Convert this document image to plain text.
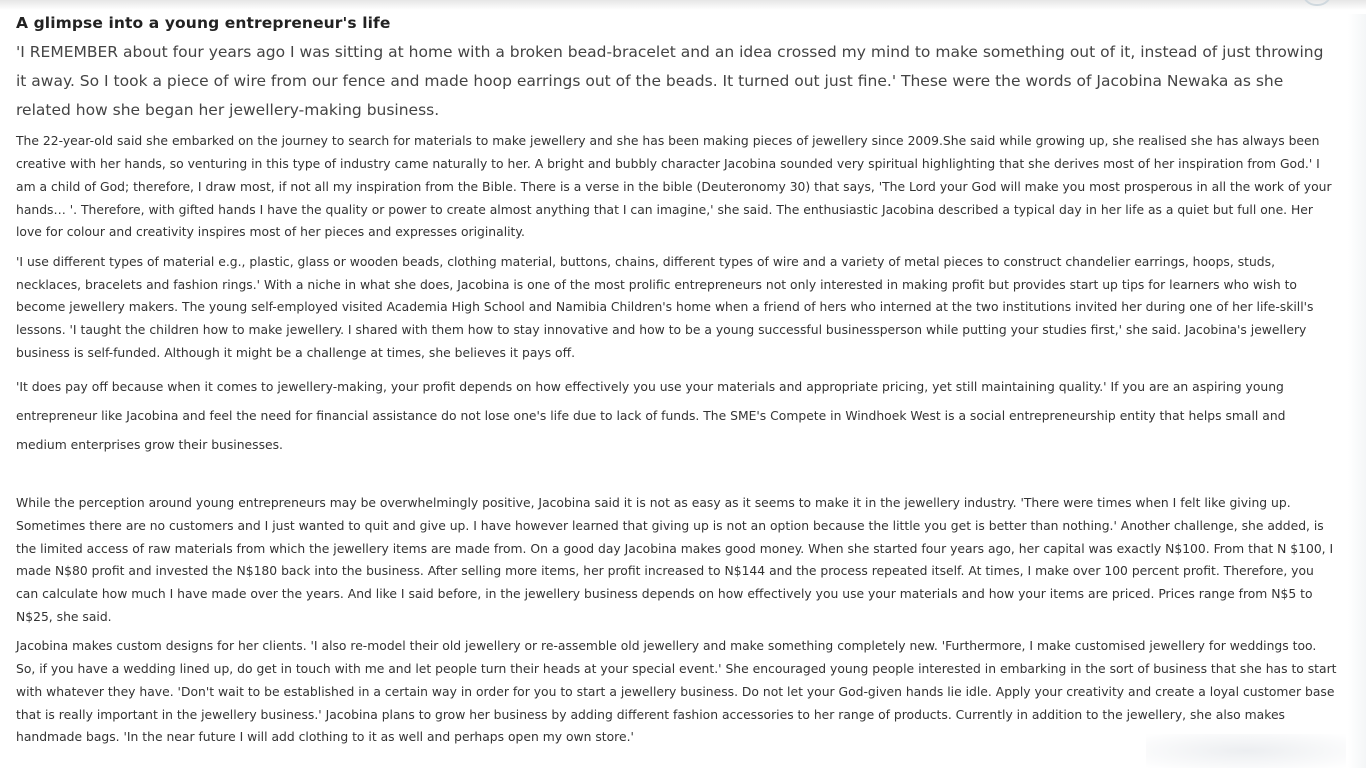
A glimpse into a young entrepreneur's life

'I REMEMBER about four years ago I was sitting at home with a broken bead-bracelet and an idea crossed my mind to make something out of it, instead of just throwing it away. So I took a piece of wire from our fence and made hoop earrings out of the beads. It turned out just fine.' These were the words of Jacobina Newaka as she related how she began her jewellery-making business.

The 22-year-old said she embarked on the journey to search for materials to make jewellery and she has been making pieces of jewellery since 2009.She said while growing up, she realised she has always been creative with her hands, so venturing in this type of industry came naturally to her. A bright and bubbly character Jacobina sounded very spiritual highlighting that she derives most of her inspiration from God.' I am a child of God; therefore, I draw most, if not all my inspiration from the Bible. There is a verse in the bible (Deuteronomy 30) that says, 'The Lord your God will make you most prosperous in all the work of your hands… '. Therefore, with gifted hands I have the quality or power to create almost anything that I can imagine,' she said. The enthusiastic Jacobina described a typical day in her life as a quiet but full one. Her love for colour and creativity inspires most of her pieces and expresses originality.

'I use different types of material e.g., plastic, glass or wooden beads, clothing material, buttons, chains, different types of wire and a variety of metal pieces to construct chandelier earrings, hoops, studs, necklaces, bracelets and fashion rings.' With a niche in what she does, Jacobina is one of the most prolific entrepreneurs not only interested in making profit but provides start up tips for learners who wish to become jewellery makers. The young self-employed visited Academia High School and Namibia Children's home when a friend of hers who interned at the two institutions invited her during one of her life-skill's lessons. 'I taught the children how to make jewellery. I shared with them how to stay innovative and how to be a young successful businessperson while putting your studies first,' she said. Jacobina's jewellery business is self-funded. Although it might be a challenge at times, she believes it pays off.

'It does pay off because when it comes to jewellery-making, your profit depends on how effectively you use your materials and appropriate pricing, yet still maintaining quality.' If you are an aspiring young entrepreneur like Jacobina and feel the need for financial assistance do not lose one's life due to lack of funds. The SME's Compete in Windhoek West is a social entrepreneurship entity that helps small and medium enterprises grow their businesses.

While the perception around young entrepreneurs may be overwhelmingly positive, Jacobina said it is not as easy as it seems to make it in the jewellery industry. 'There were times when I felt like giving up. Sometimes there are no customers and I just wanted to quit and give up. I have however learned that giving up is not an option because the little you get is better than nothing.' Another challenge, she added, is the limited access of raw materials from which the jewellery items are made from. On a good day Jacobina makes good money. When she started four years ago, her capital was exactly N$100. From that N $100, I made N$80 profit and invested the N$180 back into the business. After selling more items, her profit increased to N$144 and the process repeated itself. At times, I make over 100 percent profit. Therefore, you can calculate how much I have made over the years. And like I said before, in the jewellery business depends on how effectively you use your materials and how your items are priced. Prices range from N$5 to N$25, she said.

Jacobina makes custom designs for her clients. 'I also re-model their old jewellery or re-assemble old jewellery and make something completely new. 'Furthermore, I make customised jewellery for weddings too. So, if you have a wedding lined up, do get in touch with me and let people turn their heads at your special event.' She encouraged young people interested in embarking in the sort of business that she has to start with whatever they have. 'Don't wait to be established in a certain way in order for you to start a jewellery business. Do not let your God-given hands lie idle. Apply your creativity and create a loyal customer base that is really important in the jewellery business.' Jacobina plans to grow her business by adding different fashion accessories to her range of products. Currently in addition to the jewellery, she also makes handmade bags. 'In the near future I will add clothing to it as well and perhaps open my own store.'
